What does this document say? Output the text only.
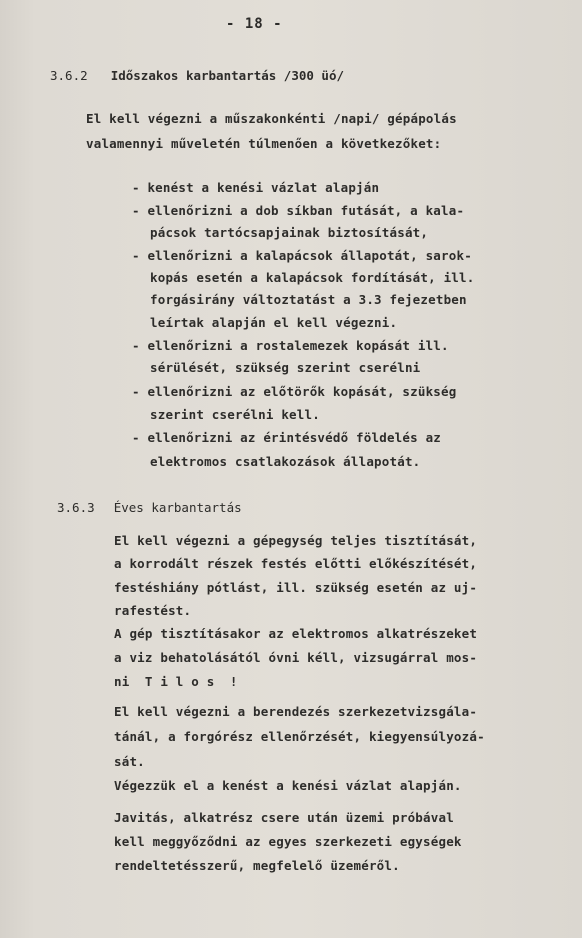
- 18 -
3.6.2 Időszakos karbantartás /300 üó/
El kell végezni a műszakonkénti /napi/ gépápolás
valamennyi műveletén túlmenően a következőket:
- kenést a kenési vázlat alapján
- ellenőrizni a dob síkban futását, a kala-
pácsok tartócsapjainak biztosítását,
- ellenőrizni a kalapácsok állapotát, sarok-
kopás esetén a kalapácsok fordítását, ill.
forgásirány változtatást a 3.3 fejezetben
leírtak alapján el kell végezni.
- ellenőrizni a rostalemezek kopását ill.
sérülését, szükség szerint cserélni
- ellenőrizni az előtörők kopását, szükség
szerint cserélni kell.
- ellenőrizni az érintésvédő földelés az
elektromos csatlakozások állapotát.
3.6.3 Éves karbantartás
El kell végezni a gépegység teljes tisztítását,
a korrodált részek festés előtti előkészítését,
festéshiány pótlást, ill. szükség esetén az uj-
rafestést.
A gép tisztításakor az elektromos alkatrészeket
a viz behatolásától óvni kéll, vizsugárral mos-
ni  T i l o s  !
El kell végezni a berendezés szerkezetvizsgála-
tánál, a forgórész ellenőrzését, kiegyensúlyozá-
sát.
Végezzük el a kenést a kenési vázlat alapján.
Javitás, alkatrész csere után üzemi próbával
kell meggyőződni az egyes szerkezeti egységek
rendeltetésszerű, megfelelő üzeméről.
